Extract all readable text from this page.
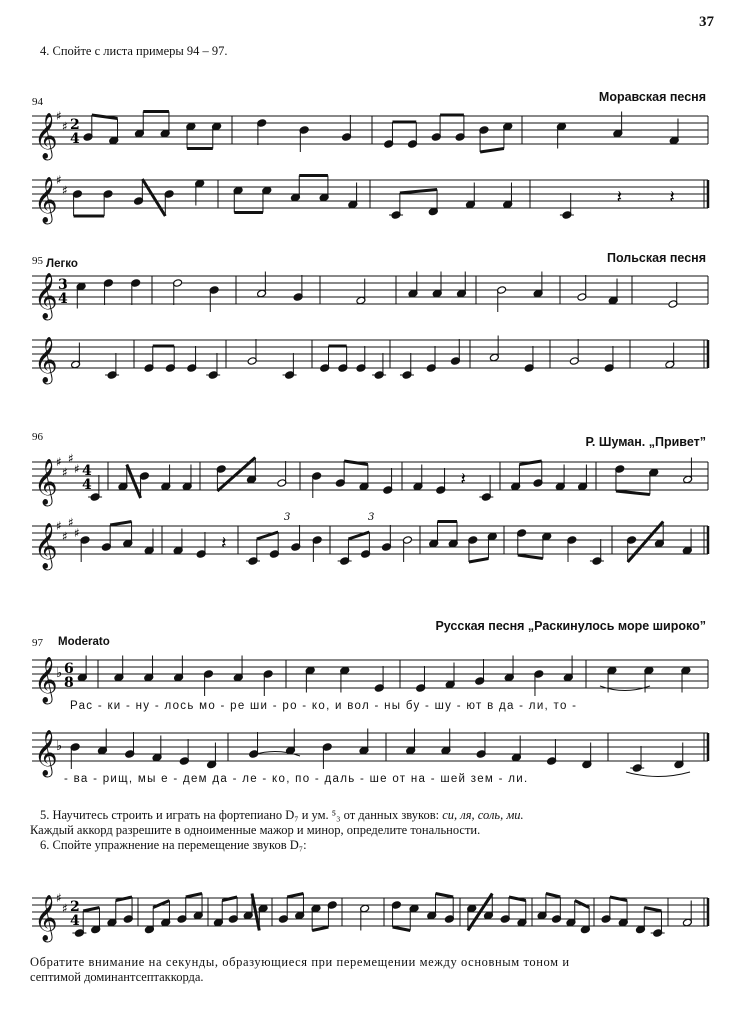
37
4. Спойте с листа примеры 94 – 97.
94	Моравская песня
95 Легко	Польская песня
96	Р. Шуман. „Привет”
Русская песня „Раскинулось море широко”
97 Moderato
Рас - ки - ну - лось мо - ре ши - ро - ко, и вол - ны бу - шу - ют в да - ли, то -
- ва - рищ, мы е - дем да - ле - ко, по - даль - ше от на - шей зем - ли.
5. Научитесь строить и играть на фортепиано D₇ и ум. ⁵₃ от данных звуков: си, ля, соль, ми.
Каждый аккорд разрешите в одноименные мажор и минор, определите тональности.
6. Спойте упражнение на перемещение звуков D₇:
Обратите внимание на секунды, образующиеся при перемещении между основным тоном и
септимой доминантсептаккорда.
𝄞
♯
♯ 2
4
𝄞
♯
♯	𝄽	𝄽
𝄞 3
4
𝄞
𝄞
♯
♯
♯
♯ 4
4	𝄽
𝄞
♯
♯
♯
♯	𝄽
𝄞
♭ 6
8
𝄞
♭
𝄞
♯
♯ 2
4
3	3
